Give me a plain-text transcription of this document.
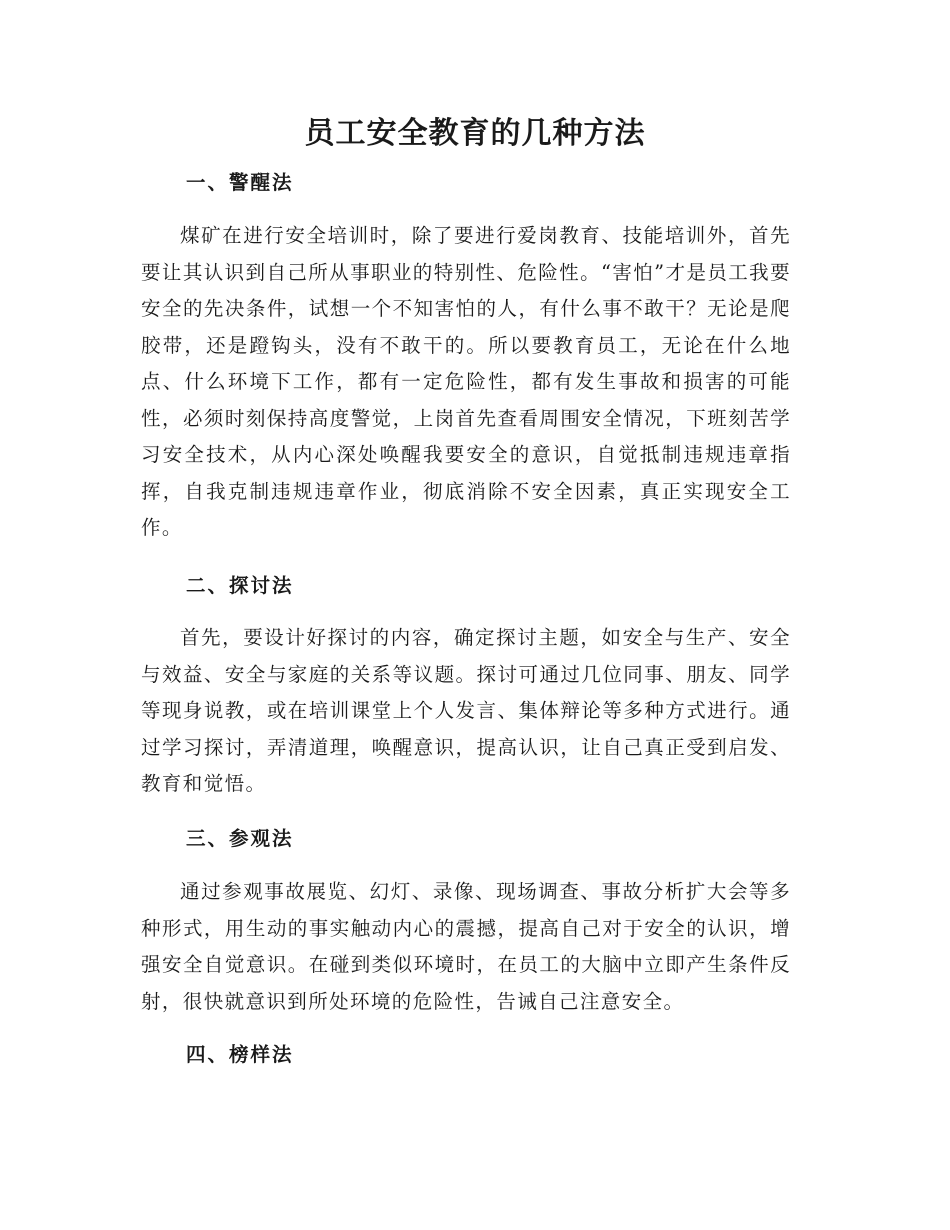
员工安全教育的几种方法
一、警醒法

煤矿在进行安全培训时，除了要进行爱岗教育、技能培训外，首先要让其认识到自己所从事职业的特别性、危险性。“害怕”才是员工我要安全的先决条件，试想一个不知害怕的人，有什么事不敢干？无论是爬胶带，还是蹬钩头，没有不敢干的。所以要教育员工，无论在什么地点、什么环境下工作，都有一定危险性，都有发生事故和损害的可能性，必须时刻保持高度警觉，上岗首先查看周围安全情况，下班刻苦学习安全技术，从内心深处唤醒我要安全的意识，自觉抵制违规违章指挥，自我克制违规违章作业，彻底消除不安全因素，真正实现安全工作。

二、探讨法

首先，要设计好探讨的内容，确定探讨主题，如安全与生产、安全与效益、安全与家庭的关系等议题。探讨可通过几位同事、朋友、同学等现身说教，或在培训课堂上个人发言、集体辩论等多种方式进行。通过学习探讨，弄清道理，唤醒意识，提高认识，让自己真正受到启发、教育和觉悟。

三、参观法

通过参观事故展览、幻灯、录像、现场调查、事故分析扩大会等多种形式，用生动的事实触动内心的震撼，提高自己对于安全的认识，增强安全自觉意识。在碰到类似环境时，在员工的大脑中立即产生条件反射，很快就意识到所处环境的危险性，告诫自己注意安全。

四、榜样法
